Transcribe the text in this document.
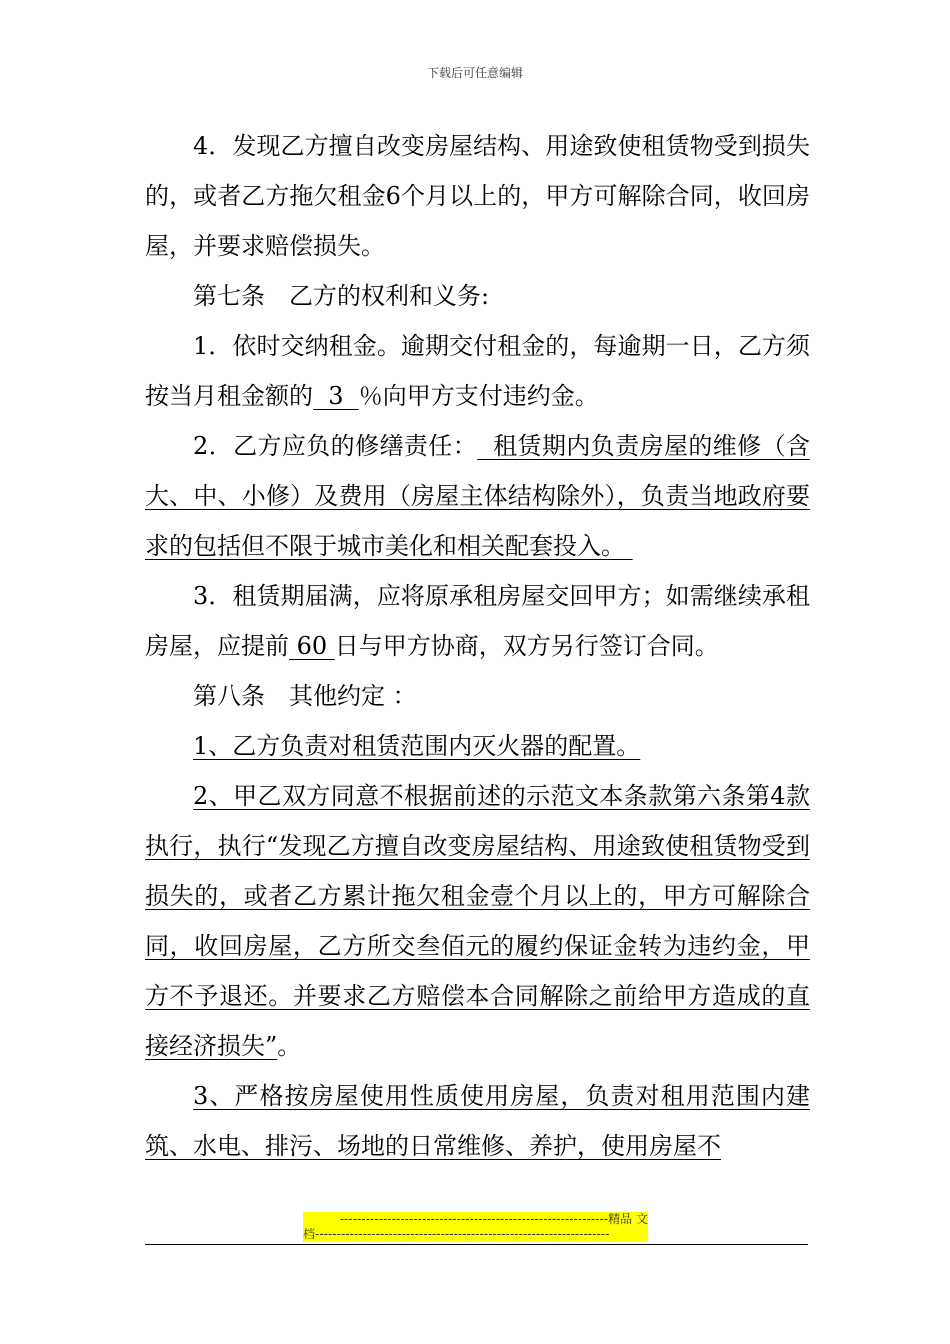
下载后可任意编辑

4．发现乙方擅自改变房屋结构、用途致使租赁物受到损失的，或者乙方拖欠租金6个月以上的，甲方可解除合同，收回房屋，并要求赔偿损失。

第七条　乙方的权利和义务:

1．依时交纳租金。逾期交付租金的，每逾期一日，乙方须按当月租金额的  3  ％向甲方支付违约金。

2．乙方应负的修缮责任：  租赁期内负责房屋的维修（含大、中、小修）及费用（房屋主体结构除外），负责当地政府要求的包括但不限于城市美化和相关配套投入。

3．租赁期届满，应将原承租房屋交回甲方；如需继续承租房屋，应提前 60 日与甲方协商，双方另行签订合同。

第八条　其他约定 ：

1、乙方负责对租赁范围内灭火器的配置。

2、甲乙双方同意不根据前述的示范文本条款第六条第4款执行，执行“发现乙方擅自改变房屋结构、用途致使租赁物受到损失的，或者乙方累计拖欠租金壹个月以上的，甲方可解除合同，收回房屋，乙方所交叁佰元的履约保证金转为违约金，甲方不予退还。并要求乙方赔偿本合同解除之前给甲方造成的直接经济损失”。

3、严格按房屋使用性质使用房屋，负责对租用范围内建筑、水电、排污、场地的日常维修、养护，使用房屋不

--------------------------------------------------------------精品 文
档--------------------------------------------------------------------
